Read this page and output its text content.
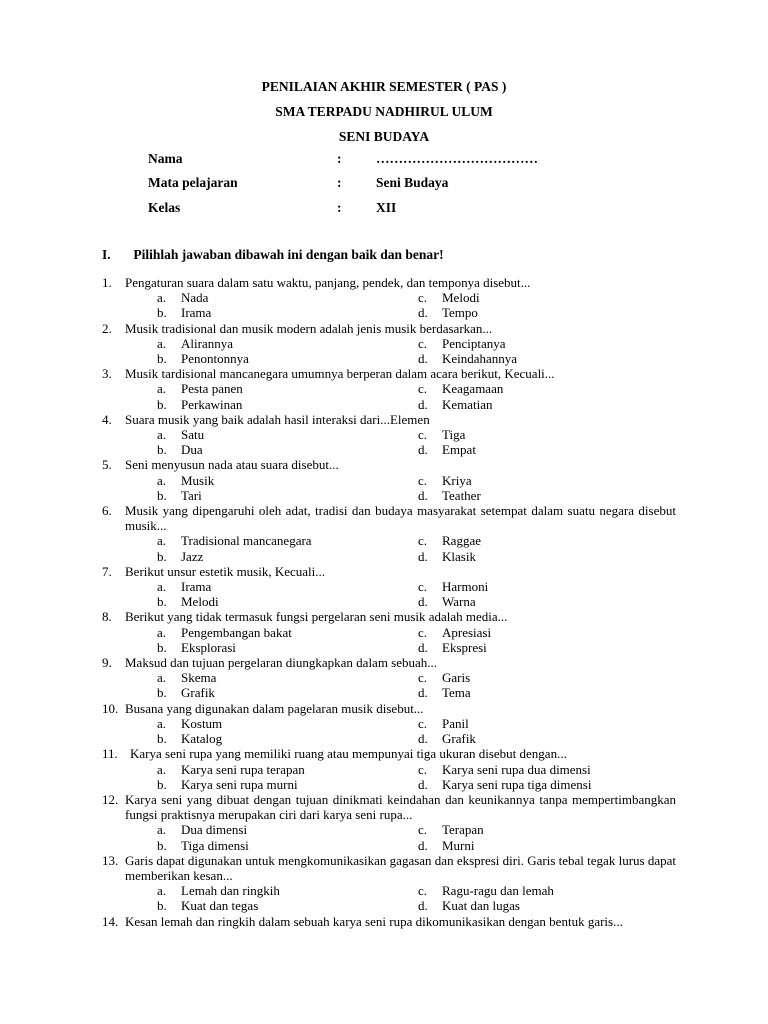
PENILAIAN AKHIR SEMESTER ( PAS )
SMA TERPADU NADHIRUL ULUM
SENI BUDAYA
Nama	:	………………………………
Mata pelajaran	:	Seni Budaya
Kelas	:	XII
I. Pilihlah jawaban dibawah ini dengan baik dan benar!
1.	Pengaturan suara dalam satu waktu, panjang, pendek, dan temponya disebut...
a.	Nada	c.	Melodi
b.	Irama	d.	Tempo
2.	Musik tradisional dan musik modern adalah jenis musik berdasarkan...
a.	Alirannya	c.	Penciptanya
b.	Penontonnya	d.	Keindahannya
3.	Musik tardisional mancanegara umumnya berperan dalam acara berikut, Kecuali...
a.	Pesta panen	c.	Keagamaan
b.	Perkawinan	d.	Kematian
4.	Suara musik yang baik adalah hasil interaksi dari...Elemen
a.	Satu	c.	Tiga
b.	Dua	d.	Empat
5.	Seni menyusun nada atau suara disebut...
a.	Musik	c.	Kriya
b.	Tari	d.	Teather
6.	Musik yang dipengaruhi oleh adat, tradisi dan budaya masyarakat setempat dalam suatu negara disebut musik...
a.	Tradisional mancanegara	c.	Raggae
b.	Jazz	d.	Klasik
7.	Berikut unsur estetik musik, Kecuali...
a.	Irama	c.	Harmoni
b.	Melodi	d.	Warna
8.	Berikut yang tidak termasuk fungsi pergelaran seni musik adalah media...
a.	Pengembangan bakat	c.	Apresiasi
b.	Eksplorasi	d.	Ekspresi
9.	Maksud dan tujuan pergelaran diungkapkan dalam sebuah...
a.	Skema	c.	Garis
b.	Grafik	d.	Tema
10. Busana yang digunakan dalam pagelaran musik disebut...
a.	Kostum	c.	Panil
b.	Katalog	d.	Grafik
11. Karya seni rupa yang memiliki ruang atau mempunyai tiga ukuran disebut dengan...
a.	Karya seni rupa terapan	c.	Karya seni rupa dua dimensi
b.	Karya seni rupa murni	d.	Karya seni rupa tiga dimensi
12. Karya seni yang dibuat dengan tujuan dinikmati keindahan dan keunikannya tanpa mempertimbangkan fungsi praktisnya merupakan ciri dari karya seni rupa...
a.	Dua dimensi	c.	Terapan
b.	Tiga dimensi	d.	Murni
13. Garis dapat digunakan untuk mengkomunikasikan gagasan dan ekspresi diri. Garis tebal tegak lurus dapat memberikan kesan...
a.	Lemah dan ringkih	c.	Ragu-ragu dan lemah
b.	Kuat dan tegas	d.	Kuat dan lugas
14. Kesan lemah dan ringkih dalam sebuah karya seni rupa dikomunikasikan dengan bentuk garis...
